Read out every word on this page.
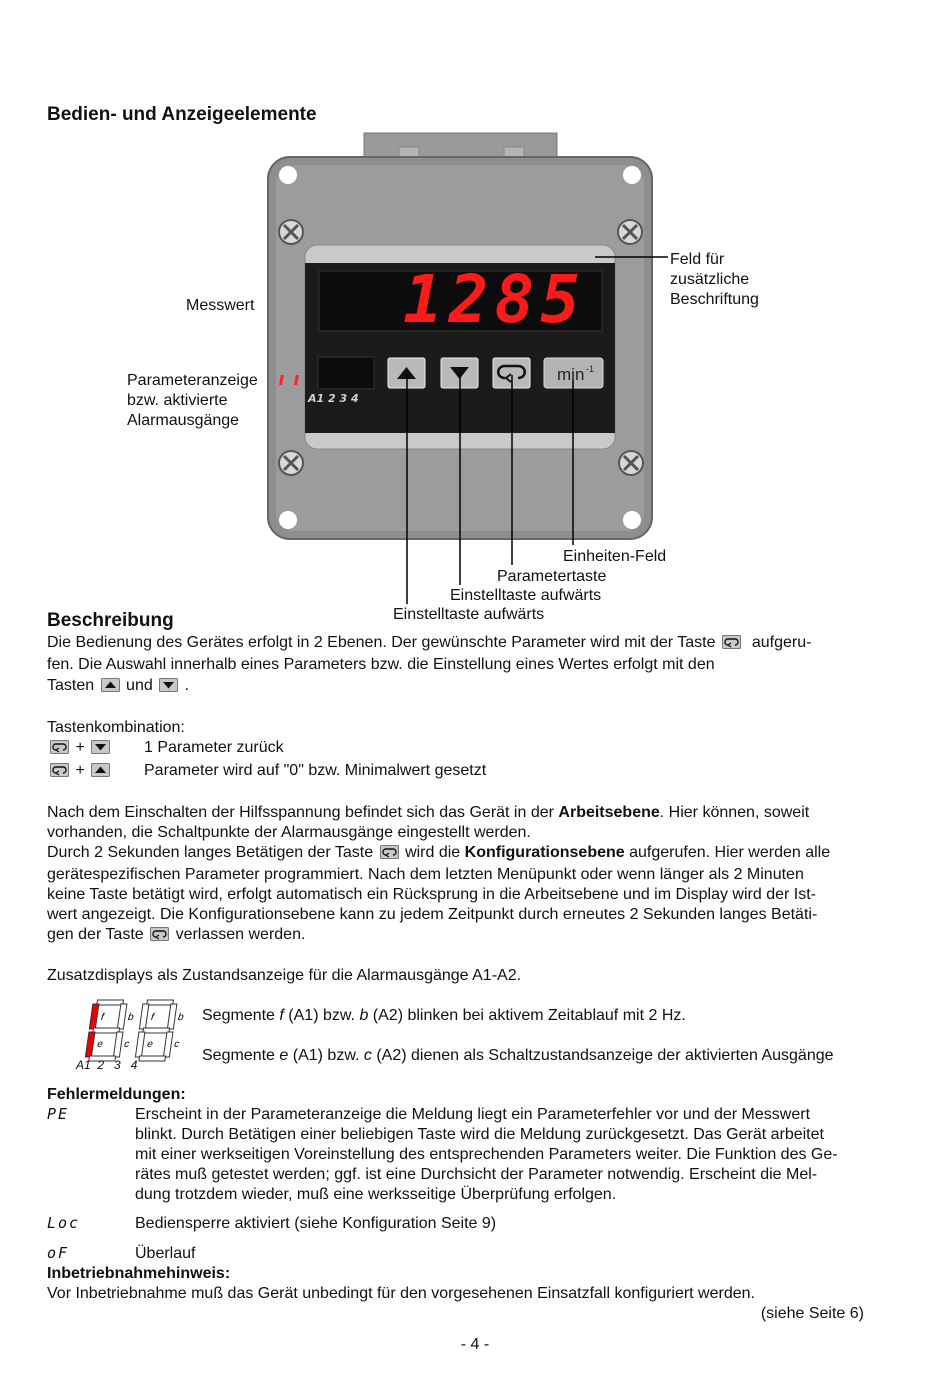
Bedien- und Anzeigeelemente
1285
A1 2 3 4
min -1
Messwert
Feld für
zusätzliche
Beschriftung
Parameteranzeige
bzw. aktivierte
Alarmausgänge
Einheiten-Feld
Parametertaste
Einstelltaste aufwärts
Einstelltaste aufwärts
Beschreibung
Die Bedienung des Gerätes erfolgt in 2 Ebenen. Der gewünschte Parameter wird mit der Taste aufgeru-
fen. Die Auswahl innerhalb eines Parameters bzw. die Einstellung eines Wertes erfolgt mit den
Tasten und .
Tastenkombination:
+	1 Parameter zurück
+	Parameter wird auf "0" bzw. Minimalwert gesetzt
Nach dem Einschalten der Hilfsspannung befindet sich das Gerät in der Arbeitsebene. Hier können, soweit
vorhanden, die Schaltpunkte der Alarmausgänge eingestellt werden.
Durch 2 Sekunden langes Betätigen der Taste wird die Konfigurationsebene aufgerufen. Hier werden alle
gerätespezifischen Parameter programmiert. Nach dem letzten Menüpunkt oder wenn länger als 2 Minuten
keine Taste betätigt wird, erfolgt automatisch ein Rücksprung in die Arbeitsebene und im Display wird der Ist-
wert angezeigt. Die Konfigurationsebene kann zu jedem Zeitpunkt durch erneutes 2 Sekunden langes Betäti-
gen der Taste verlassen werden.
Zusatzdisplays als Zustandsanzeige für die Alarmausgänge A1-A2.
f b
e c
f b
e c
A1  2   3   4
Segmente f (A1) bzw. b (A2) blinken bei aktivem Zeitablauf mit 2 Hz.
Segmente e (A1) bzw. c (A2) dienen als Schaltzustandsanzeige der aktivierten Ausgänge
Fehlermeldungen:
PE	Erscheint in der Parameteranzeige die Meldung liegt ein Parameterfehler vor und der Messwert
blinkt. Durch Betätigen einer beliebigen Taste wird die Meldung zurückgesetzt. Das Gerät arbeitet
mit einer werkseitigen Voreinstellung des entsprechenden Parameters weiter. Die Funktion des Ge-
rätes muß getestet werden; ggf. ist eine Durchsicht der Parameter notwendig. Erscheint die Mel-
dung trotzdem wieder, muß eine werksseitige Überprüfung erfolgen.
Loc	Bediensperre aktiviert (siehe Konfiguration Seite 9)
oF	Überlauf
Inbetriebnahmehinweis:
Vor Inbetriebnahme muß das Gerät unbedingt für den vorgesehenen Einsatzfall konfiguriert werden.
(siehe Seite 6)
- 4 -
